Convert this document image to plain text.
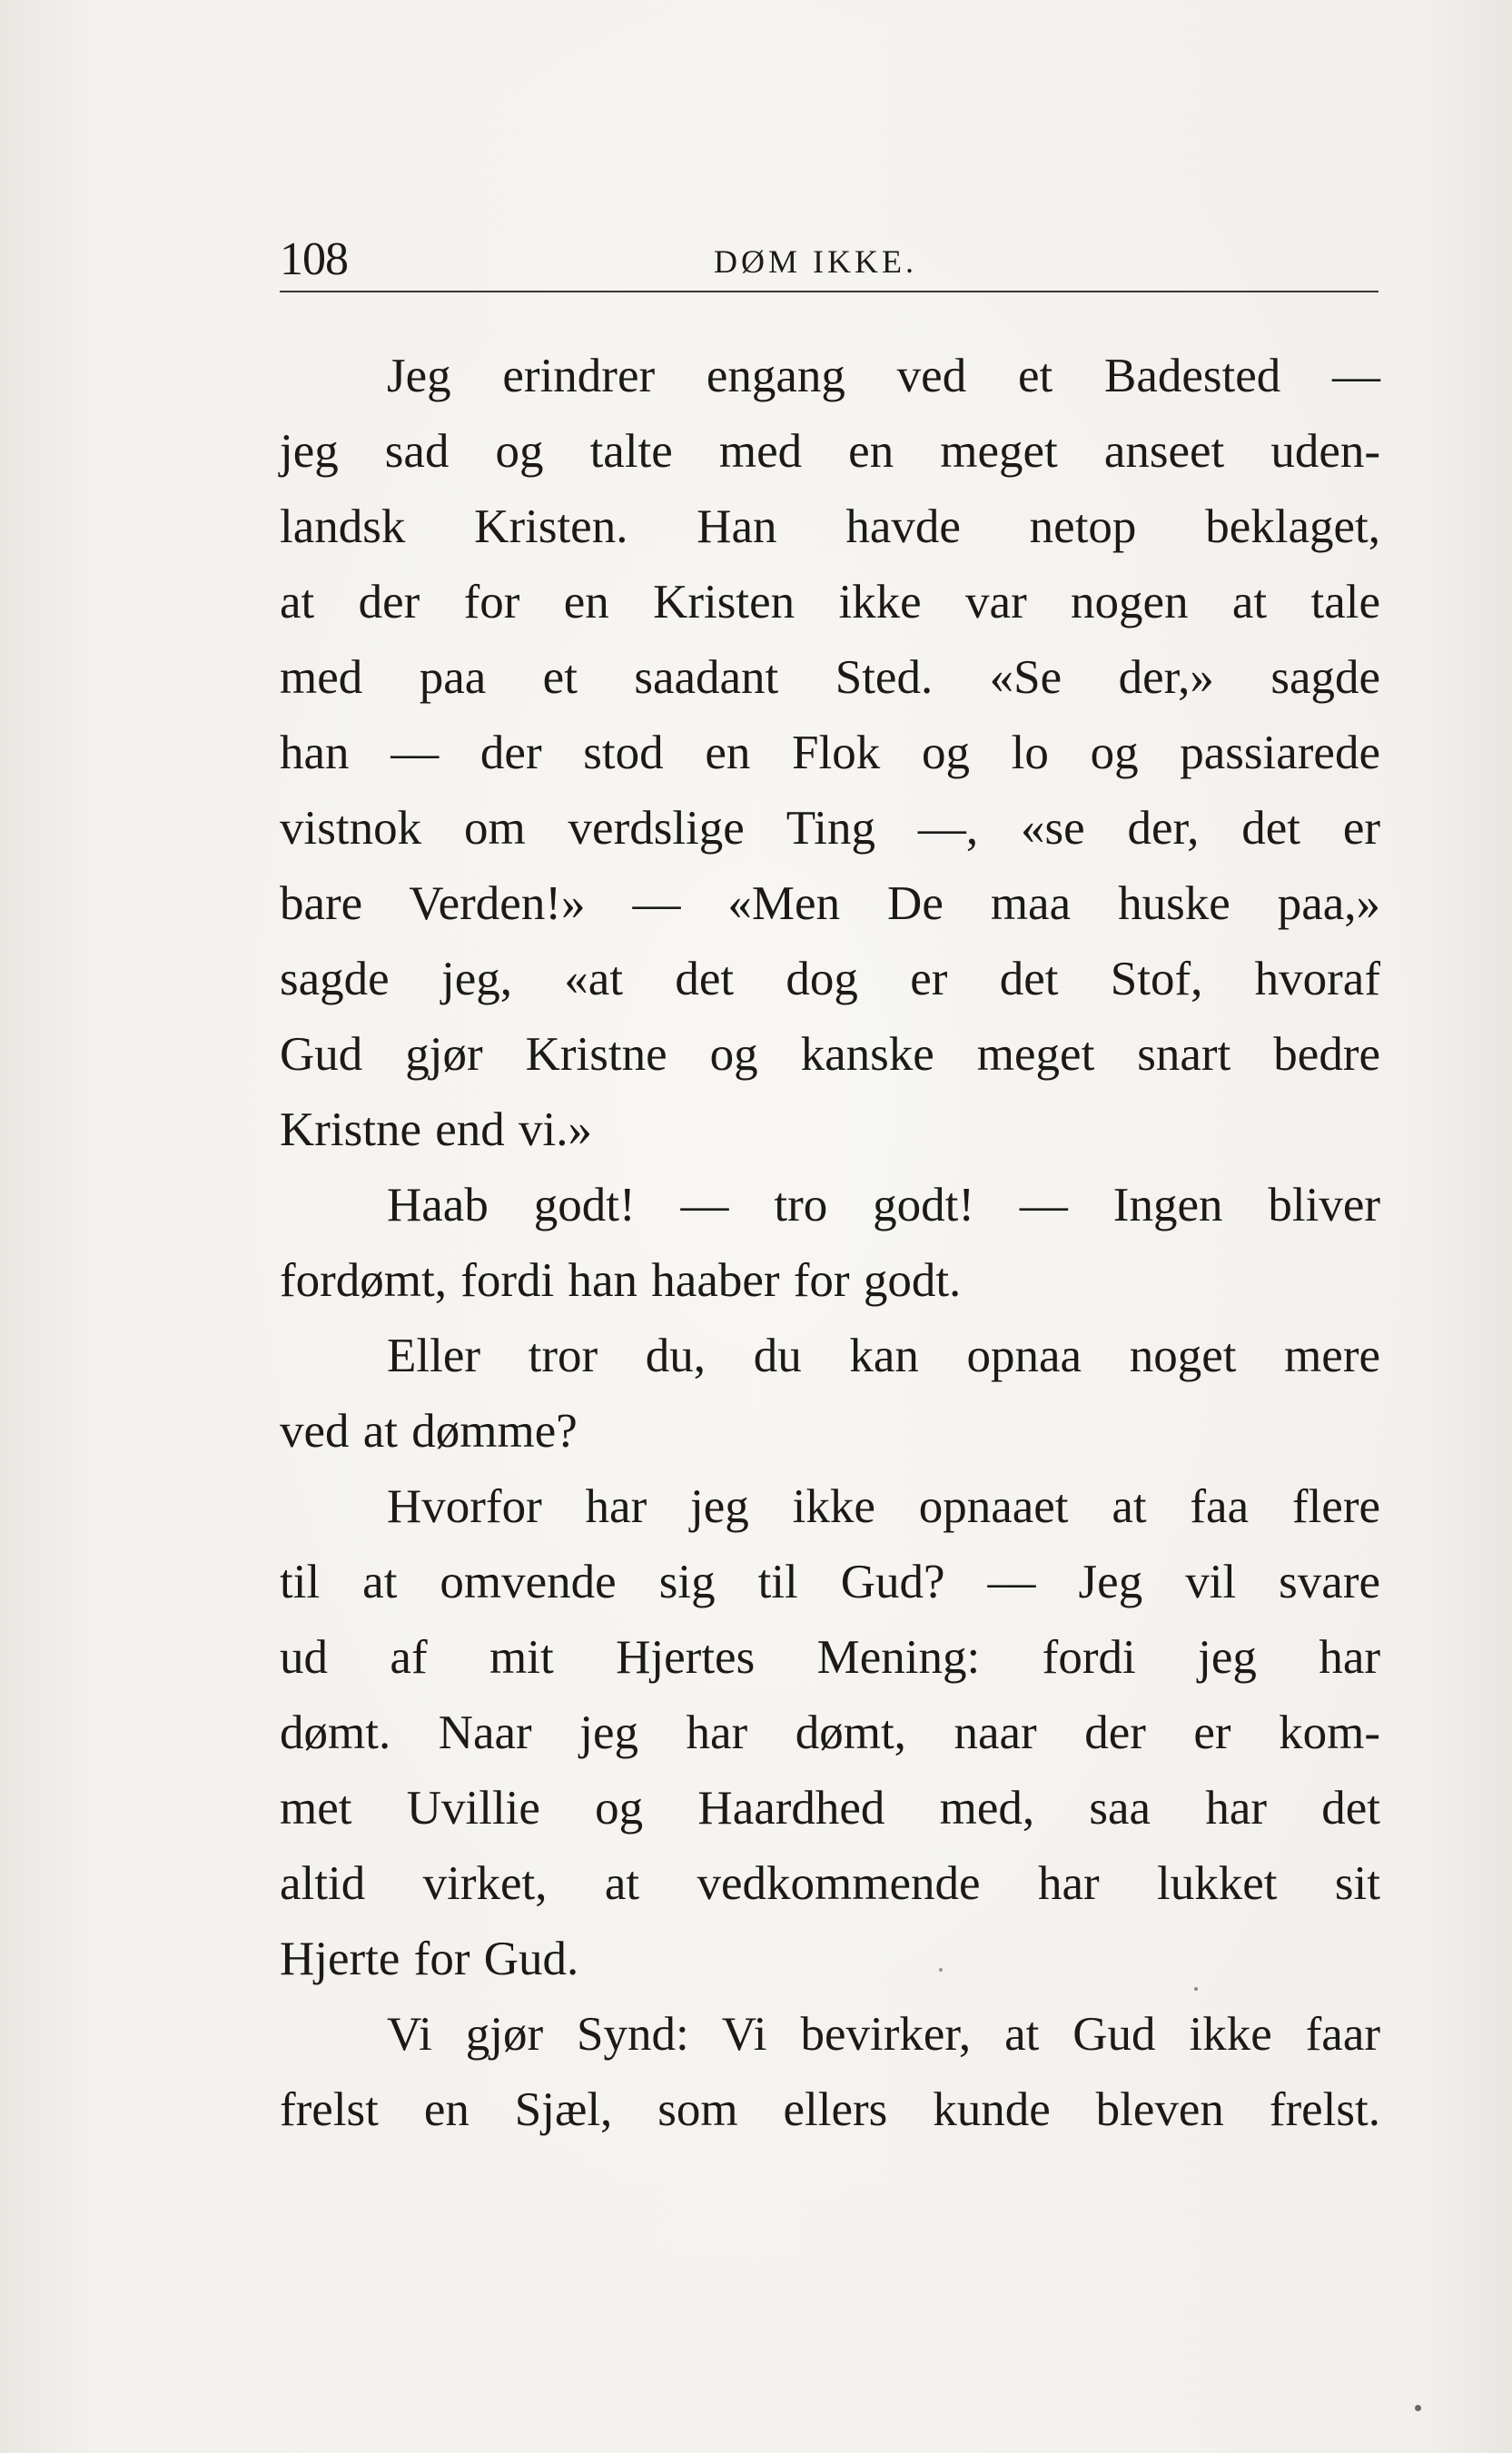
108	DØM IKKE.
Jeg erindrer engang ved et Badested —
jeg sad og talte med en meget anseet uden-
landsk Kristen. Han havde netop beklaget,
at der for en Kristen ikke var nogen at tale
med paa et saadant Sted. «Se der,» sagde
han — der stod en Flok og lo og passiarede
vistnok om verdslige Ting —, «se der, det er
bare Verden!» — «Men De maa huske paa,»
sagde jeg, «at det dog er det Stof, hvoraf
Gud gjør Kristne og kanske meget snart bedre
Kristne end vi.»
Haab godt! — tro godt! — Ingen bliver
fordømt, fordi han haaber for godt.
Eller tror du, du kan opnaa noget mere
ved at dømme?
Hvorfor har jeg ikke opnaaet at faa flere
til at omvende sig til Gud? — Jeg vil svare
ud af mit Hjertes Mening: fordi jeg har
dømt. Naar jeg har dømt, naar der er kom-
met Uvillie og Haardhed med, saa har det
altid virket, at vedkommende har lukket sit
Hjerte for Gud.
Vi gjør Synd: Vi bevirker, at Gud ikke faar
frelst en Sjæl, som ellers kunde bleven frelst.
